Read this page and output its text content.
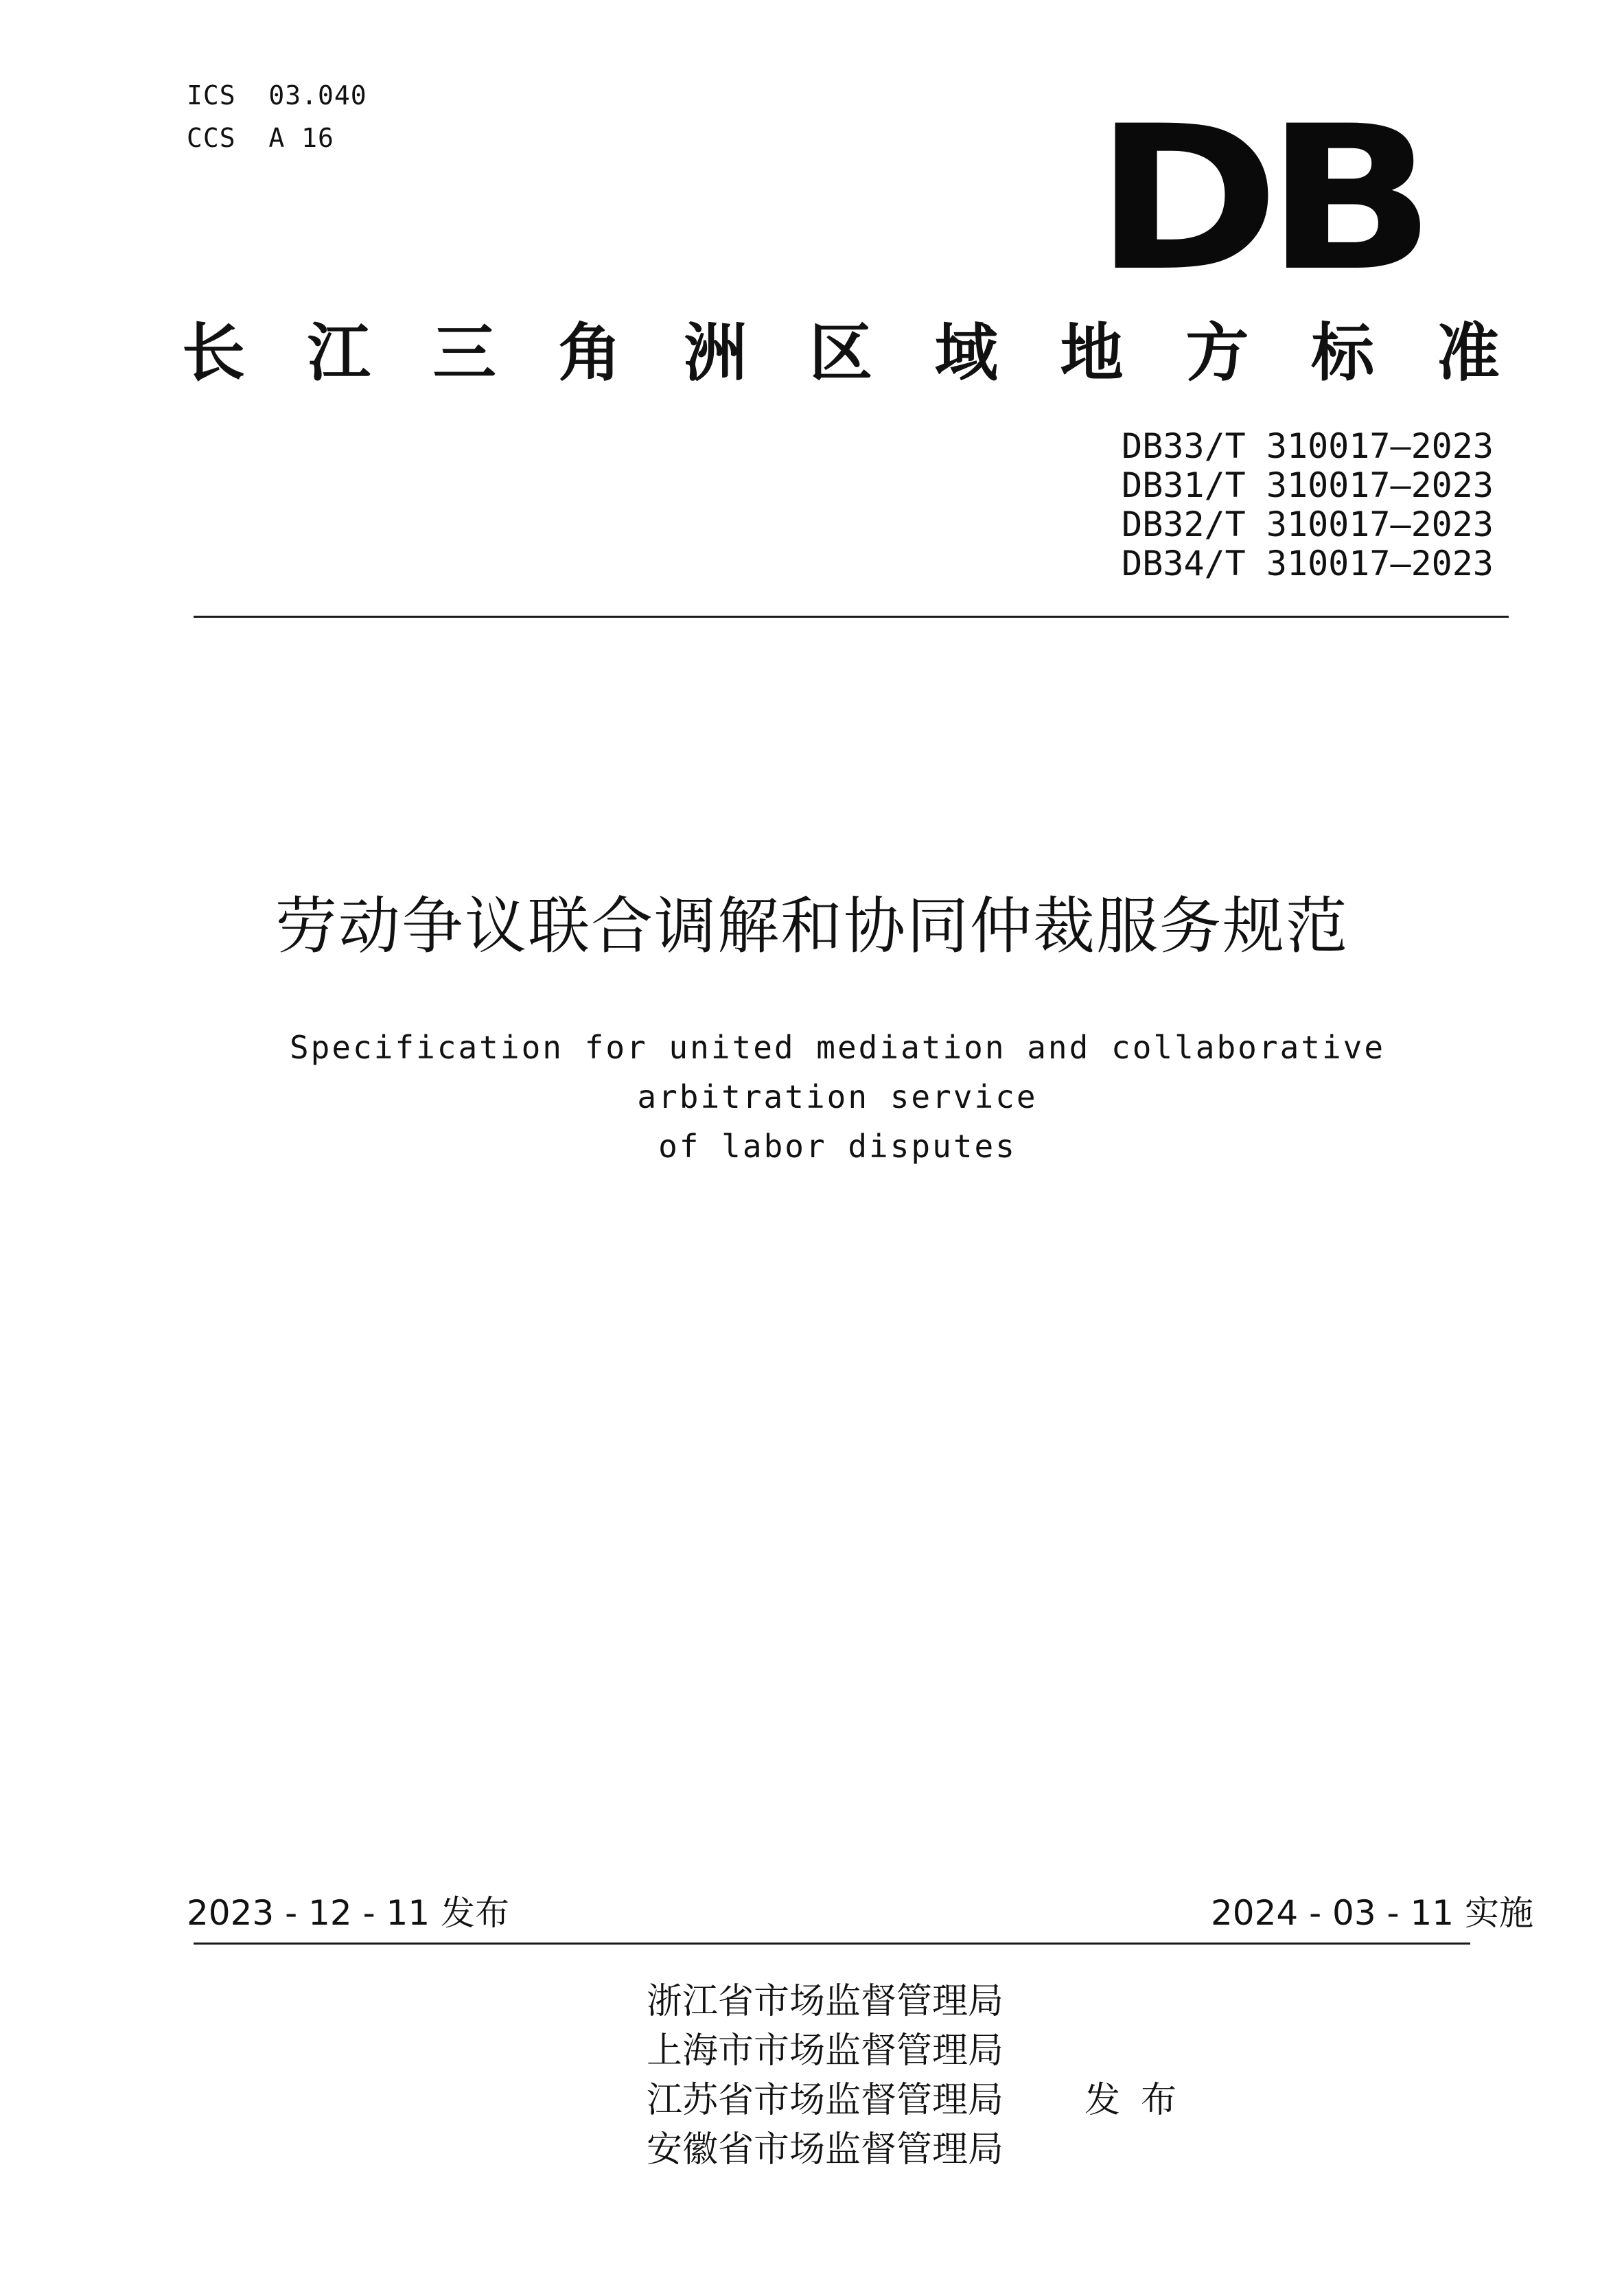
ICS  03.040
CCS  A 16	DB
长 江 三 角 洲 区 域 地 方 标 准
DB33/T 310017—2023
DB31/T 310017—2023
DB32/T 310017—2023
DB34/T 310017—2023
劳动争议联合调解和协同仲裁服务规范
Specification for united mediation and collaborative arbitration service
of labor disputes
2023 - 12 - 11 发布	2024 - 03 - 11 实施
浙江省市场监督管理局
上海市市场监督管理局
江苏省市场监督管理局
安徽省市场监督管理局
发布
